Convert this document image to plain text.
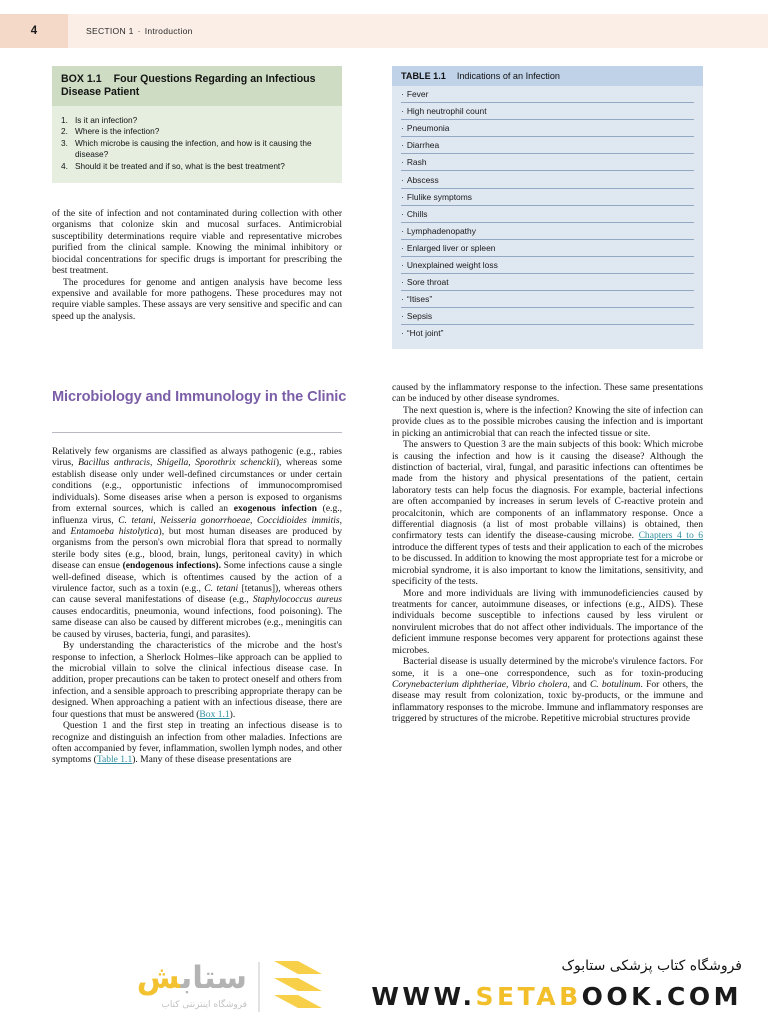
4	SECTION 1 · Introduction
BOX 1.1 Four Questions Regarding an Infectious Disease Patient
1. Is it an infection?
2. Where is the infection?
3. Which microbe is causing the infection, and how is it causing the disease?
4. Should it be treated and if so, what is the best treatment?
TABLE 1.1 Indications of an Infection
· Fever
· High neutrophil count
· Pneumonia
· Diarrhea
· Rash
· Abscess
· Flulike symptoms
· Chills
· Lymphadenopathy
· Enlarged liver or spleen
· Unexplained weight loss
· Sore throat
· “Itises”
· Sepsis
· “Hot joint”

of the site of infection and not contaminated during collection with other organisms that colonize skin and mucosal surfaces. Antimicrobial susceptibility determinations require viable and representative microbes purified from the clinical sample. Knowing the minimal inhibitory or biocidal concentrations for specific drugs is important for prescribing the best treatment.

The procedures for genome and antigen analysis have become less expensive and available for more pathogens. These procedures may not require viable samples. These assays are very sensitive and specific and can speed up the analysis.

Microbiology and Immunology in the Clinic

Relatively few organisms are classified as always pathogenic (e.g., rabies virus, Bacillus anthracis, Shigella, Sporothrix schenckii), whereas some establish disease only under well-defined circumstances or under certain conditions (e.g., opportunistic infections of immunocompromised individuals). Some diseases arise when a person is exposed to organisms from external sources, which is called an exogenous infection (e.g., influenza virus, C. tetani, Neisseria gonorrhoeae, Coccidioides immitis, and Entamoeba histolytica), but most human diseases are produced by organisms from the person's own microbial flora that spread to normally sterile body sites (e.g., blood, brain, lungs, peritoneal cavity) in which disease can ensue (endogenous infections). Some infections cause a single well-defined disease, which is oftentimes caused by the action of a virulence factor, such as a toxin (e.g., C. tetani [tetanus]), whereas others can cause several manifestations of disease (e.g., Staphylococcus aureus causes endocarditis, pneumonia, wound infections, food poisoning). The same disease can also be caused by different microbes (e.g., meningitis can be caused by viruses, bacteria, fungi, and parasites).

By understanding the characteristics of the microbe and the host's response to infection, a Sherlock Holmes–like approach can be applied to the microbial villain to solve the clinical infectious disease case. In addition, proper precautions can be taken to protect oneself and others from infection, and a sensible approach to prescribing appropriate therapy can be designed. When approaching a patient with an infectious disease, there are four questions that must be answered (Box 1.1).

Question 1 and the first step in treating an infectious disease is to recognize and distinguish an infection from other maladies. Infections are often accompanied by fever, inflammation, swollen lymph nodes, and other symptoms (Table 1.1). Many of these disease presentations are

caused by the inflammatory response to the infection. These same presentations can be induced by other disease syndromes.

The next question is, where is the infection? Knowing the site of infection can provide clues as to the possible microbes causing the infection and is important in picking an antimicrobial that can reach the infected tissue or site.

The answers to Question 3 are the main subjects of this book: Which microbe is causing the infection and how is it causing the disease? Although the distinction of bacterial, viral, fungal, and parasitic infections can oftentimes be made from the history and physical presentations of the patient, certain laboratory tests can help focus the diagnosis. For example, bacterial infections are often accompanied by increases in serum levels of C-reactive protein and procalcitonin, which are components of an inflammatory response. Once a differential diagnosis (a list of most probable villains) is obtained, then confirmatory tests can identify the disease-causing microbe. Chapters 4 to 6 introduce the different types of tests and their application to each of the microbes to be discussed. In addition to knowing the most appropriate test for a microbe or microbial syndrome, it is also important to know the limitations, sensitivity, and specificity of the tests.

More and more individuals are living with immunodeficiencies caused by treatments for cancer, autoimmune diseases, or infections (e.g., AIDS). These individuals become susceptible to infections caused by less virulent or nonvirulent microbes that do not affect other individuals. The importance of the deficient immune response becomes very apparent for protections against these microbes.

Bacterial disease is usually determined by the microbe's virulence factors. For some, it is a one–one correspondence, such as for toxin-producing Corynebacterium diphtheriae, Vibrio cholera, and C. botulinum. For others, the disease may result from colonization, toxic by-products, or the immune and inflammatory responses to the microbe. Immune and inflammatory responses are triggered by structures of the microbe. Repetitive microbial structures provide

ستابش
فروشگاه اینترنتی کتاب
فروشگاه کتاب پزشکی ستابوک
WWW.SETABOOK.COM
